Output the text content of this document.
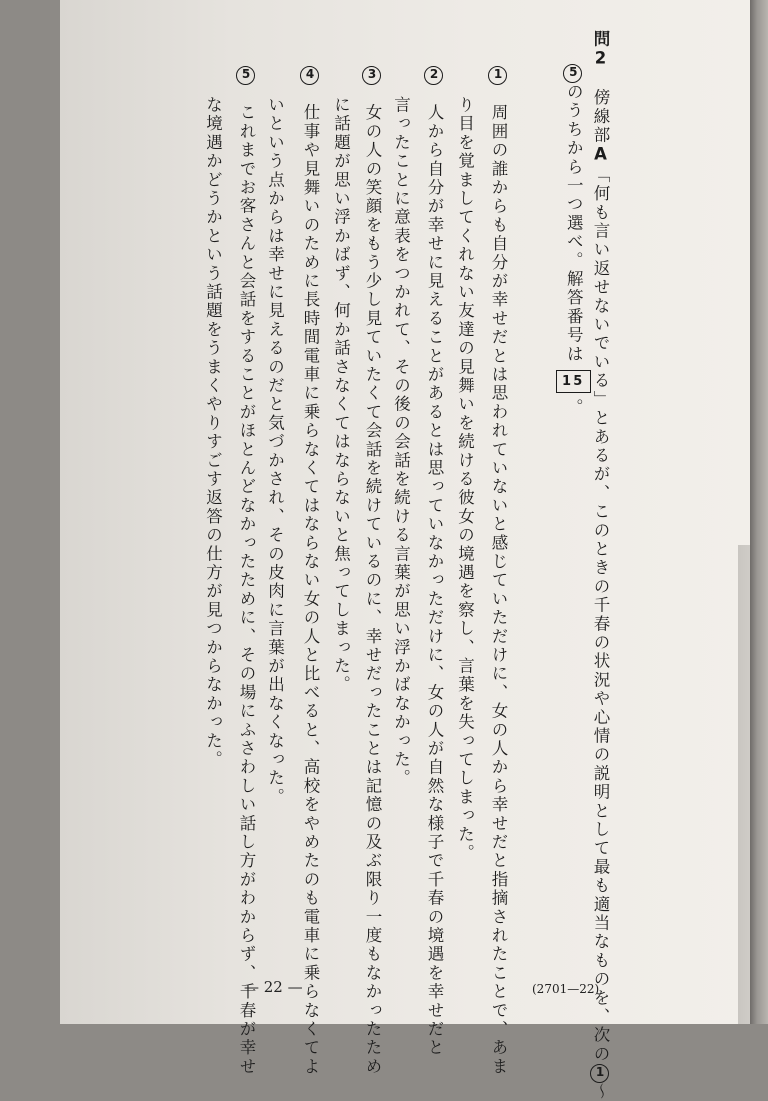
問2　傍線部A「何も言い返せないでいる」とあるが、このときの千春の状況や心情の説明として最も適当なものを、次の1〜
5のうちから一つ選べ。解答番号は15。
1　周囲の誰からも自分が幸せだとは思われていないと感じていただけに、女の人から幸せだと指摘されたことで、あま
り目を覚ましてくれない友達の見舞いを続ける彼女の境遇を察し、言葉を失ってしまった。
2　人から自分が幸せに見えることがあるとは思っていなかっただけに、女の人が自然な様子で千春の境遇を幸せだと
言ったことに意表をつかれて、その後の会話を続ける言葉が思い浮かばなかった。
3　女の人の笑顔をもう少し見ていたくて会話を続けているのに、幸せだったことは記憶の及ぶ限り一度もなかったため
に話題が思い浮かばず、何か話さなくてはならないと焦ってしまった。
4　仕事や見舞いのために長時間電車に乗らなくてはならない女の人と比べると、高校をやめたのも電車に乗らなくてよ
いという点からは幸せに見えるのだと気づかされ、その皮肉に言葉が出なくなった。
5　これまでお客さんと会話をすることがほとんどなかったために、その場にふさわしい話し方がわからず、千春が幸せ
な境遇かどうかという話題をうまくやりすごす返答の仕方が見つからなかった。
— 22 —	(2701—22)
